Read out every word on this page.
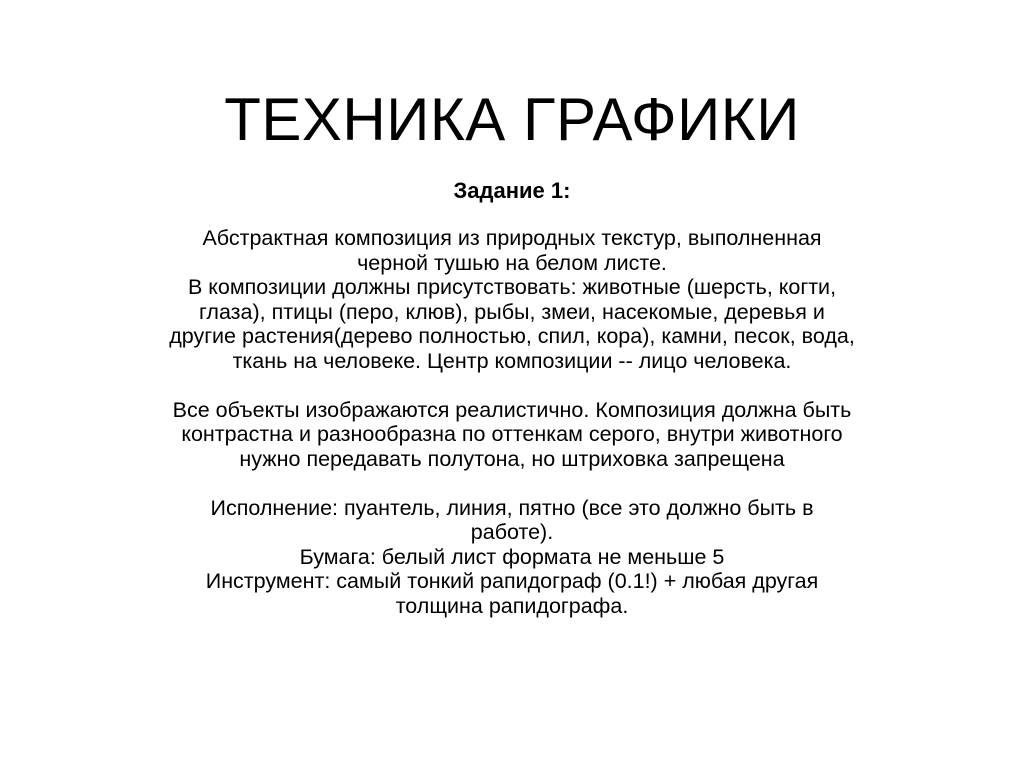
ТЕХНИКА ГРАФИКИ
Задание 1:

Абстрактная композиция из природных текстур, выполненная
черной тушью на белом листе.
В композиции должны присутствовать: животные (шерсть, когти,
глаза), птицы (перо, клюв), рыбы, змеи, насекомые, деревья и
другие растения(дерево полностью, спил, кора), камни, песок, вода,
ткань на человеке. Центр композиции -- лицо человека.

Все объекты изображаются реалистично. Композиция должна быть
контрастна и разнообразна по оттенкам серого, внутри животного
нужно передавать полутона, но штриховка запрещена

Исполнение: пуантель, линия, пятно (все это должно быть в
работе).
Бумага: белый лист формата не меньше 5
Инструмент: самый тонкий рапидограф (0.1!) + любая другая
толщина рапидографа.
